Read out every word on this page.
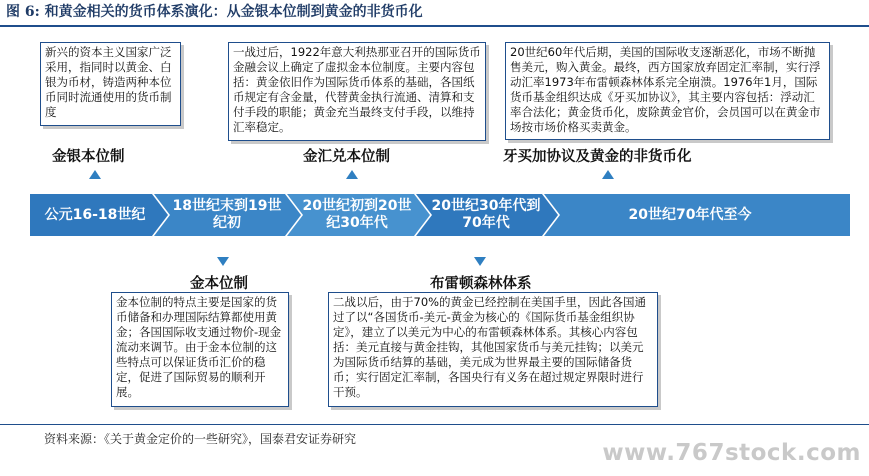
图 6: 和黄金相关的货币体系演化：从金银本位制到黄金的非货币化
新兴的资本主义国家广泛采用，指同时以黄金、白银为币材，铸造两种本位币同时流通使用的货币制度
一战过后，1922年意大利热那亚召开的国际货币金融会议上确定了虚拟金本位制度。主要内容包括：黄金依旧作为国际货币体系的基础，各国纸币规定有含金量，代替黄金执行流通、清算和支付手段的职能；黄金充当最终支付手段，以维持汇率稳定。
20世纪60年代后期，美国的国际收支逐渐恶化，市场不断抛售美元，购入黄金。最终，西方国家放弃固定汇率制，实行浮动汇率1973年布雷顿森林体系完全崩溃。1976年1月，国际货币基金组织达成《牙买加协议》，其主要内容包括：浮动汇率合法化；黄金货币化，废除黄金官价，会员国可以在黄金市场按市场价格买卖黄金。
金银本位制	金汇兑本位制	牙买加协议及黄金的非货币化
公元16-18世纪
18世纪末到19世纪初
20世纪初到20世纪30年代
20世纪30年代到70年代
20世纪70年代至今
金本位制	布雷顿森林体系
金本位制的特点主要是国家的货币储备和办理国际结算都使用黄金；各国国际收支通过物价-现金流动来调节。由于金本位制的这些特点可以保证货币汇价的稳定，促进了国际贸易的顺利开展。
二战以后，由于70%的黄金已经控制在美国手里，因此各国通过了以“各国货币-美元-黄金为核心的《国际货币基金组织协定》，建立了以美元为中心的布雷顿森林体系。其核心内容包括：美元直接与黄金挂钩，其他国家货币与美元挂钩；以美元为国际货币结算的基础，美元成为世界最主要的国际储备货币；实行固定汇率制，各国央行有义务在超过规定界限时进行干预。
资料来源：《关于黄金定价的一些研究》，国泰君安证券研究
www.767stock.com
